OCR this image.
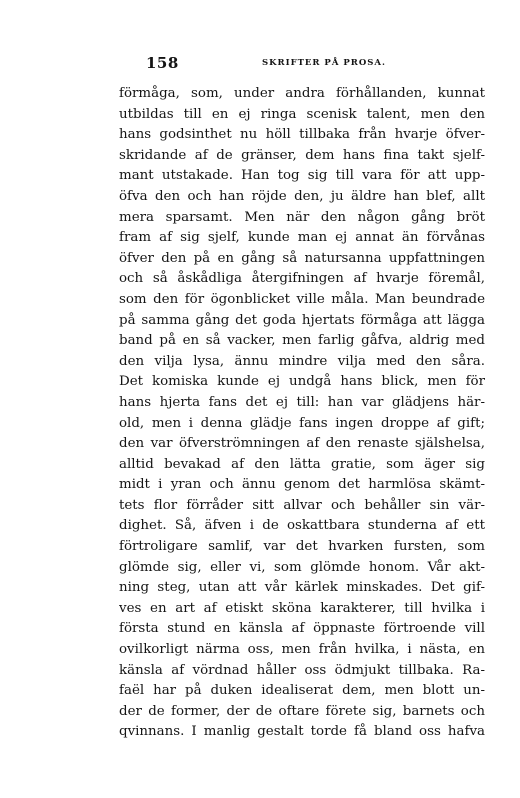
158	SKRIFTER PÅ PROSA.
förmåga, som, under andra förhållanden, kunnat
utbildas till en ej ringa scenisk talent, men den
hans godsinthet nu höll tillbaka från hvarje öfver-
skridande af de gränser, dem hans fina takt sjelf-
mant utstakade. Han tog sig till vara för att upp-
öfva den och han röjde den, ju äldre han blef, allt
mera sparsamt. Men när den någon gång bröt
fram af sig sjelf, kunde man ej annat än förvånas
öfver den på en gång så natursanna uppfattningen
och så åskådliga återgifningen af hvarje föremål,
som den för ögonblicket ville måla. Man beundrade
på samma gång det goda hjertats förmåga att lägga
band på en så vacker, men farlig gåfva, aldrig med
den vilja lysa, ännu mindre vilja med den såra.
Det komiska kunde ej undgå hans blick, men för
hans hjerta fans det ej till: han var glädjens här-
old, men i denna glädje fans ingen droppe af gift;
den var öfverströmningen af den renaste själshelsa,
alltid bevakad af den lätta gratie, som äger sig
midt i yran och ännu genom det harmlösa skämt-
tets flor förråder sitt allvar och behåller sin vär-
dighet. Så, äfven i de oskattbara stunderna af ett
förtroligare samlif, var det hvarken fursten, som
glömde sig, eller vi, som glömde honom. Vår akt-
ning steg, utan att vår kärlek minskades. Det gif-
ves en art af etiskt sköna karakterer, till hvilka i
första stund en känsla af öppnaste förtroende vill
ovilkorligt närma oss, men från hvilka, i nästa, en
känsla af vördnad håller oss ödmjukt tillbaka. Ra-
faël har på duken idealiserat dem, men blott un-
der de former, der de oftare förete sig, barnets och
qvinnans. I manlig gestalt torde få bland oss hafva
